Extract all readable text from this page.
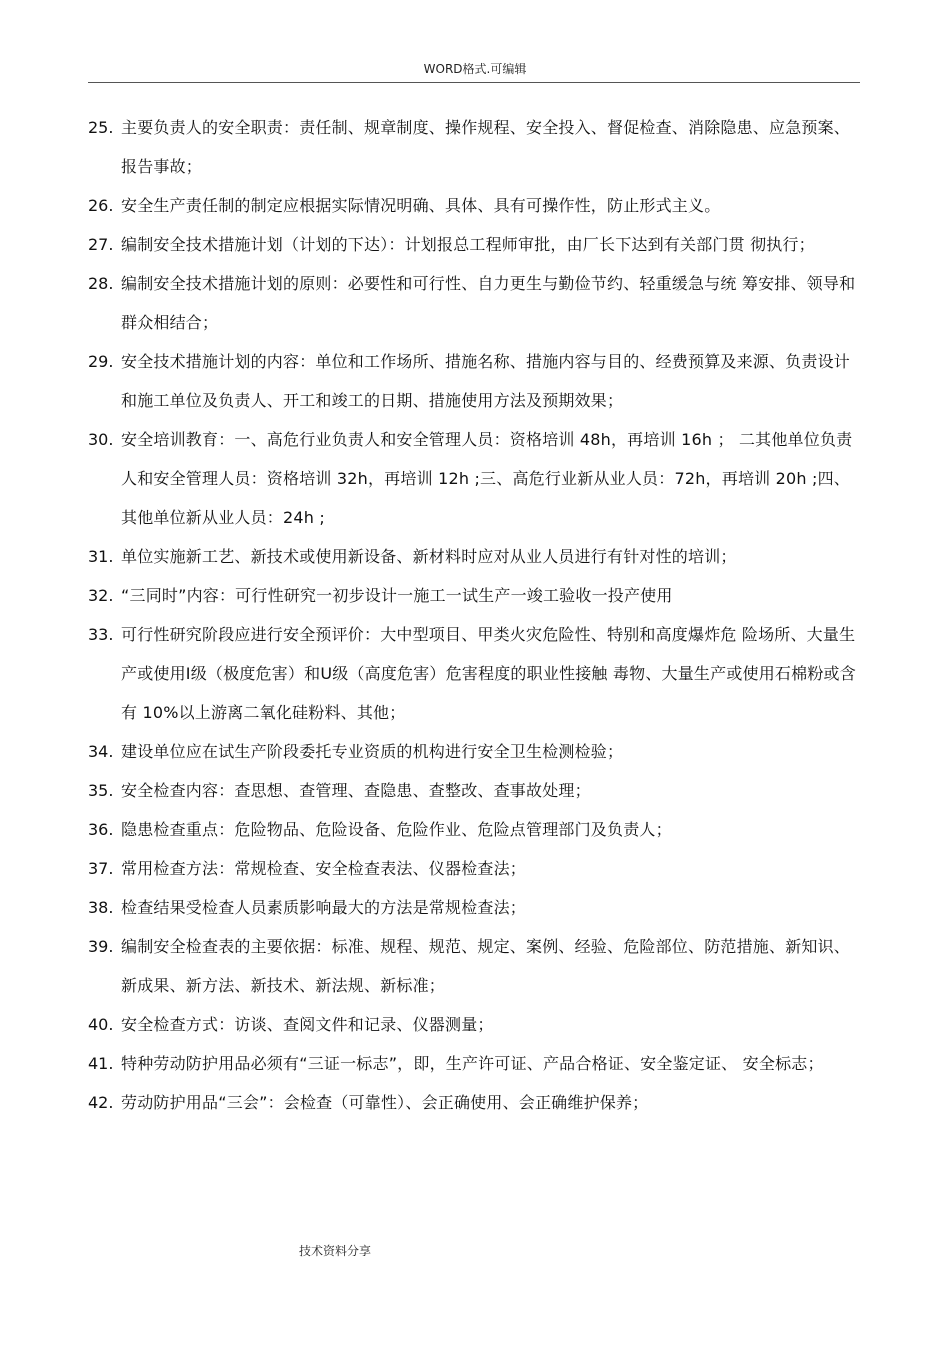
WORD格式.可编辑
25. 主要负责人的安全职责：责任制、规章制度、操作规程、安全投入、督促检查、消除隐患、应急预案、报告事故；
26. 安全生产责任制的制定应根据实际情况明确、具体、具有可操作性，防止形式主义。
27. 编制安全技术措施计划（计划的下达）：计划报总工程师审批，由厂长下达到有关部门贯 彻执行；
28. 编制安全技术措施计划的原则：必要性和可行性、自力更生与勤俭节约、轻重缓急与统 筹安排、领导和群众相结合；
29. 安全技术措施计划的内容：单位和工作场所、措施名称、措施内容与目的、经费预算及来源、负责设计和施工单位及负责人、开工和竣工的日期、措施使用方法及预期效果；
30. 安全培训教育：一、高危行业负责人和安全管理人员：资格培训 48h，再培训 16h ； 二其他单位负责人和安全管理人员：资格培训 32h，再培训 12h ;三、高危行业新从业人员：72h，再培训 20h ;四、其他单位新从业人员：24h ;
31. 单位实施新工艺、新技术或使用新设备、新材料时应对从业人员进行有针对性的培训；
32. “三同时”内容：可行性研究一初步设计一施工一试生产一竣工验收一投产使用
33. 可行性研究阶段应进行安全预评价：大中型项目、甲类火灾危险性、特别和高度爆炸危 险场所、大量生产或使用Ⅰ级（极度危害）和U级（高度危害）危害程度的职业性接触 毒物、大量生产或使用石棉粉或含有 10%以上游离二氧化硅粉料、其他；
34. 建设单位应在试生产阶段委托专业资质的机构进行安全卫生检测检验；
35. 安全检查内容：查思想、查管理、查隐患、查整改、查事故处理；
36. 隐患检查重点：危险物品、危险设备、危险作业、危险点管理部门及负责人；
37. 常用检查方法：常规检查、安全检查表法、仪器检查法；
38. 检查结果受检查人员素质影响最大的方法是常规检查法；
39. 编制安全检查表的主要依据：标准、规程、规范、规定、案例、经验、危险部位、防范措施、新知识、新成果、新方法、新技术、新法规、新标准；
40. 安全检查方式：访谈、查阅文件和记录、仪器测量；
41. 特种劳动防护用品必须有“三证一标志”，即，生产许可证、产品合格证、安全鉴定证、 安全标志；
42. 劳动防护用品“三会”：会检查（可靠性）、会正确使用、会正确维护保养；
技术资料分享
